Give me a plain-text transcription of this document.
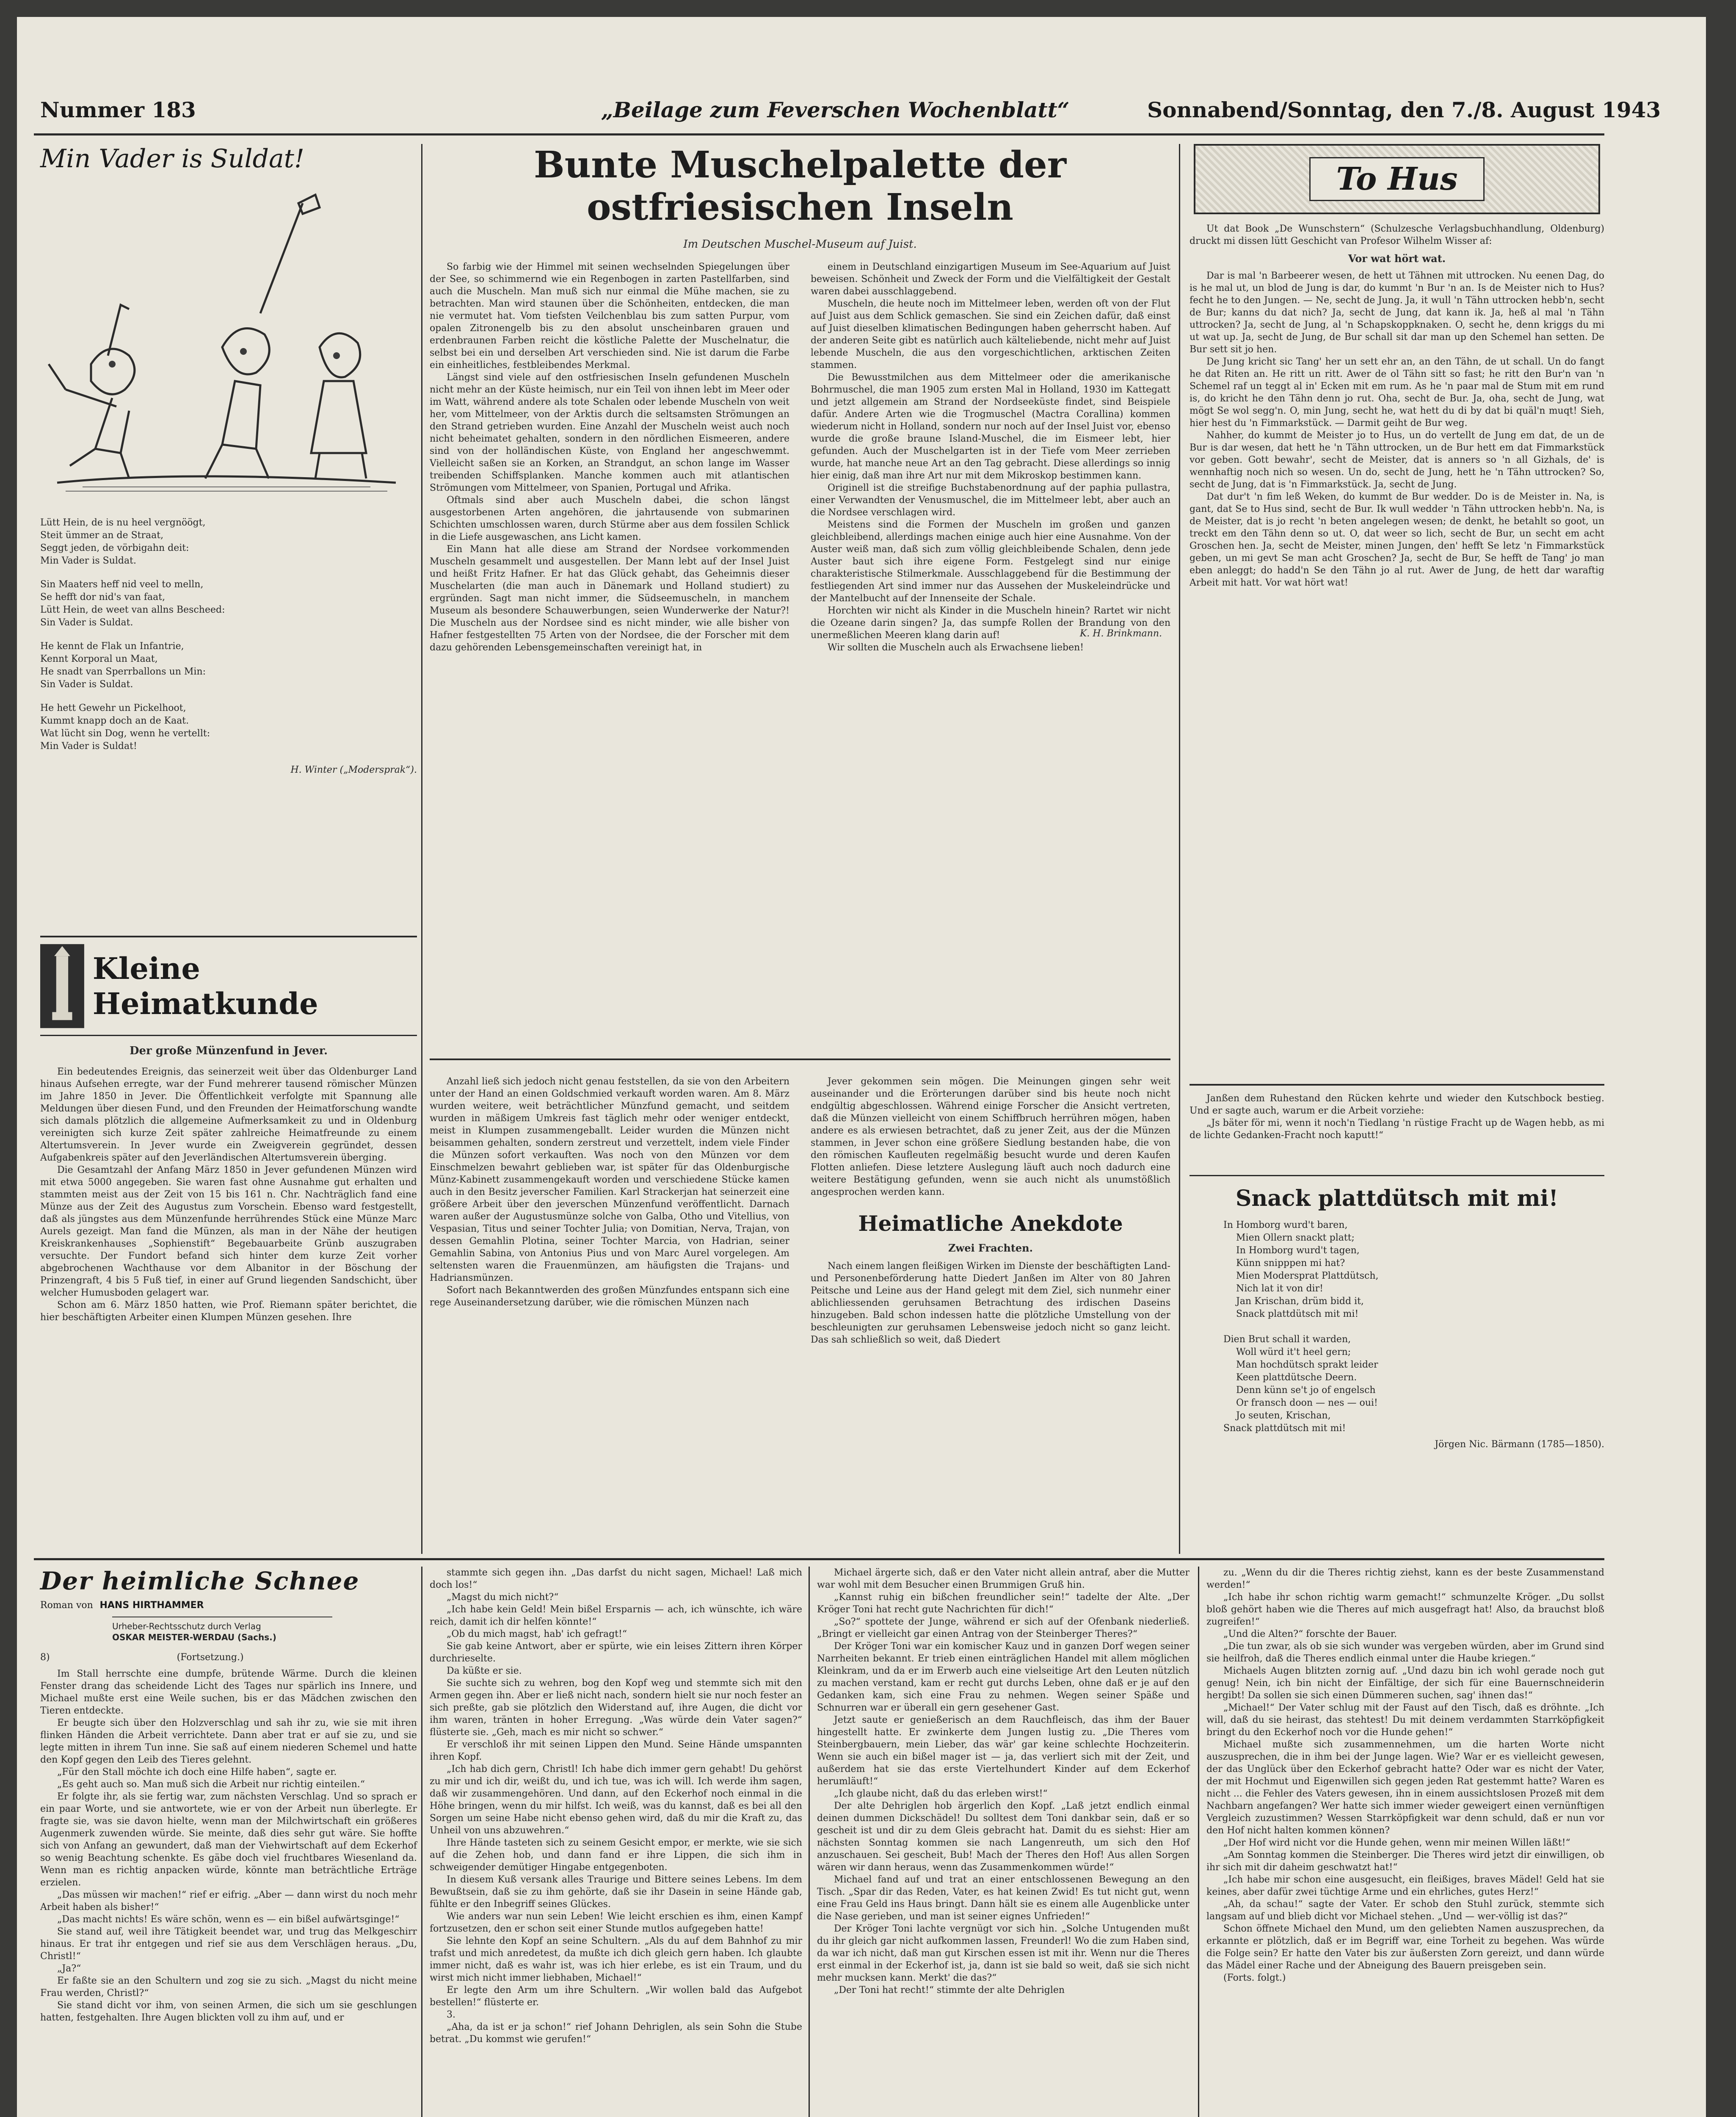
Nummer 183	„Beilage zum Feverschen Wochenblatt“	Sonnabend/Sonntag, den 7./8. August 1943
Min Vader is Suldat!
Lütt Hein, de is nu heel vergnöögt,
Steit ümmer an de Straat,
Seggt jeden, de vörbigahn deit:
Min Vader is Suldat.
Sin Maaters heff nid veel to melln,
Se hefft dor nid's van faat,
Lütt Hein, de weet van allns Bescheed:
Sin Vader is Suldat.
He kennt de Flak un Infantrie,
Kennt Korporal un Maat,
He snadt van Sperrballons un Min:
Sin Vader is Suldat.
He hett Gewehr un Pickelhoot,
Kummt knapp doch an de Kaat.
Wat lücht sin Dog, wenn he vertellt:
Min Vader is Suldat!
H. Winter („Modersprak“).
Kleine Heimatkunde
Der große Münzenfund in Jever.

Ein bedeutendes Ereignis, das seinerzeit weit über das Oldenburger Land hinaus Aufsehen erregte, war der Fund mehrerer tausend römischer Münzen im Jahre 1850 in Jever. Die Öffentlichkeit verfolgte mit Spannung alle Meldungen über diesen Fund, und den Freunden der Heimatforschung wandte sich damals plötzlich die allgemeine Aufmerksamkeit zu und in Oldenburg vereinigten sich kurze Zeit später zahlreiche Heimatfreunde zu einem Altertumsverein. In Jever wurde ein Zweigverein gegründet, dessen Aufgabenkreis später auf den Jeverländischen Altertumsverein überging.

Die Gesamtzahl der Anfang März 1850 in Jever gefundenen Münzen wird mit etwa 5000 angegeben. Sie waren fast ohne Ausnahme gut erhalten und stammten meist aus der Zeit von 15 bis 161 n. Chr. Nachträglich fand eine Münze aus der Zeit des Augustus zum Vorschein. Ebenso ward festgestellt, daß als jüngstes aus dem Münzenfunde herrührendes Stück eine Münze Marc Aurels gezeigt. Man fand die Münzen, als man in der Nähe der heutigen Kreiskrankenhauses „Sophienstift“ Begebauarbeite Grünb auszugraben versuchte. Der Fundort befand sich hinter dem kurze Zeit vorher abgebrochenen Wachthause vor dem Albanitor in der Böschung der Prinzengraft, 4 bis 5 Fuß tief, in einer auf Grund liegenden Sandschicht, über welcher Humusboden gelagert war.

Schon am 6. März 1850 hatten, wie Prof. Riemann später berichtet, die hier beschäftigten Arbeiter einen Klumpen Münzen gesehen. Ihre

Bunte Muschelpalette der ostfriesischen Inseln
Im Deutschen Muschel-Museum auf Juist.

So farbig wie der Himmel mit seinen wechselnden Spiegelungen über der See, so schimmernd wie ein Regenbogen in zarten Pastellfarben, sind auch die Muscheln. Man muß sich nur einmal die Mühe machen, sie zu betrachten. Man wird staunen über die Schönheiten, entdecken, die man nie vermutet hat. Vom tiefsten Veilchenblau bis zum satten Purpur, vom opalen Zitronengelb bis zu den absolut unscheinbaren grauen und erdenbraunen Farben reicht die köstliche Palette der Muschelnatur, die selbst bei ein und derselben Art verschieden sind. Nie ist darum die Farbe ein einheitliches, festbleibendes Merkmal.

Längst sind viele auf den ostfriesischen Inseln gefundenen Muscheln nicht mehr an der Küste heimisch, nur ein Teil von ihnen lebt im Meer oder im Watt, während andere als tote Schalen oder lebende Muscheln von weit her, vom Mittelmeer, von der Arktis durch die seltsamsten Strömungen an den Strand getrieben wurden. Eine Anzahl der Muscheln weist auch noch nicht beheimatet gehalten, sondern in den nördlichen Eismeeren, andere sind von der holländischen Küste, von England her angeschwemmt. Vielleicht saßen sie an Korken, an Strandgut, an schon lange im Wasser treibenden Schiffsplanken. Manche kommen auch mit atlantischen Strömungen vom Mittelmeer, von Spanien, Portugal und Afrika.

Oftmals sind aber auch Muscheln dabei, die schon längst ausgestorbenen Arten angehören, die jahrtausende von submarinen Schichten umschlossen waren, durch Stürme aber aus dem fossilen Schlick in die Liefe ausgewaschen, ans Licht kamen.

Ein Mann hat alle diese am Strand der Nordsee vorkommenden Muscheln gesammelt und ausgestellen. Der Mann lebt auf der Insel Juist und heißt Fritz Hafner. Er hat das Glück gehabt, das Geheimnis dieser Muschelarten (die man auch in Dänemark und Holland studiert) zu ergründen. Sagt man nicht immer, die Südseemuscheln, in manchem Museum als besondere Schauwerbungen, seien Wunderwerke der Natur?! Die Muscheln aus der Nordsee sind es nicht minder, wie alle bisher von Hafner festgestellten 75 Arten von der Nordsee, die der Forscher mit dem dazu gehörenden Lebensgemeinschaften vereinigt hat, in

einem in Deutschland einzigartigen Museum im See-Aquarium auf Juist beweisen. Schönheit und Zweck der Form und die Vielfältigkeit der Gestalt waren dabei ausschlaggebend.

Muscheln, die heute noch im Mittelmeer leben, werden oft von der Flut auf Juist aus dem Schlick gemaschen. Sie sind ein Zeichen dafür, daß einst auf Juist dieselben klimatischen Bedingungen haben geherrscht haben. Auf der anderen Seite gibt es natürlich auch kälteliebende, nicht mehr auf Juist lebende Muscheln, die aus den vorgeschichtlichen, arktischen Zeiten stammen.

Die Bewusstmilchen aus dem Mittelmeer oder die amerikanische Bohrmuschel, die man 1905 zum ersten Mal in Holland, 1930 im Kattegatt und jetzt allgemein am Strand der Nordseeküste findet, sind Beispiele dafür. Andere Arten wie die Trogmuschel (Mactra Corallina) kommen wiederum nicht in Holland, sondern nur noch auf der Insel Juist vor, ebenso wurde die große braune Island-Muschel, die im Eismeer lebt, hier gefunden. Auch der Muschelgarten ist in der Tiefe vom Meer zerrieben wurde, hat manche neue Art an den Tag gebracht. Diese allerdings so innig hier einig, daß man ihre Art nur mit dem Mikroskop bestimmen kann.

Originell ist die streifige Buchstabenordnung auf der paphia pullastra, einer Verwandten der Venusmuschel, die im Mittelmeer lebt, aber auch an die Nordsee verschlagen wird.

Meistens sind die Formen der Muscheln im großen und ganzen gleichbleibend, allerdings machen einige auch hier eine Ausnahme. Von der Auster weiß man, daß sich zum völlig gleichbleibende Schalen, denn jede Auster baut sich ihre eigene Form. Festgelegt sind nur einige charakteristische Stilmerkmale. Ausschlaggebend für die Bestimmung der festliegenden Art sind immer nur das Aussehen der Muskeleindrücke und der Mantelbucht auf der Innenseite der Schale.

Horchten wir nicht als Kinder in die Muscheln hinein? Rartet wir nicht die Ozeane darin singen? Ja, das sumpfe Rollen der Brandung von den unermeßlichen Meeren klang darin auf!

Wir sollten die Muscheln auch als Erwachsene lieben!

K. H. Brinkmann.

Anzahl ließ sich jedoch nicht genau feststellen, da sie von den Arbeitern unter der Hand an einen Goldschmied verkauft worden waren. Am 8. März wurden weitere, weit beträchtlicher Münzfund gemacht, und seitdem wurden in mäßigem Umkreis fast täglich mehr oder weniger entdeckt, meist in Klumpen zusammengeballt. Leider wurden die Münzen nicht beisammen gehalten, sondern zerstreut und verzettelt, indem viele Finder die Münzen sofort verkauften. Was noch von den Münzen vor dem Einschmelzen bewahrt geblieben war, ist später für das Oldenburgische Münz-Kabinett zusammengekauft worden und verschiedene Stücke kamen auch in den Besitz jeverscher Familien. Karl Strackerjan hat seinerzeit eine größere Arbeit über den jeverschen Münzenfund veröffentlicht. Darnach waren außer der Augustusmünze solche von Galba, Otho und Vitellius, von Vespasian, Titus und seiner Tochter Julia; von Domitian, Nerva, Trajan, von dessen Gemahlin Plotina, seiner Tochter Marcia, von Hadrian, seiner Gemahlin Sabina, von Antonius Pius und von Marc Aurel vorgelegen. Am seltensten waren die Frauenmünzen, am häufigsten die Trajans- und Hadriansmünzen.

Sofort nach Bekanntwerden des großen Münzfundes entspann sich eine rege Auseinandersetzung darüber, wie die römischen Münzen nach

Jever gekommen sein mögen. Die Meinungen gingen sehr weit auseinander und die Erörterungen darüber sind bis heute noch nicht endgültig abgeschlossen. Während einige Forscher die Ansicht vertreten, daß die Münzen vielleicht von einem Schiffbruch herrühren mögen, haben andere es als erwiesen betrachtet, daß zu jener Zeit, aus der die Münzen stammen, in Jever schon eine größere Siedlung bestanden habe, die von den römischen Kaufleuten regelmäßig besucht wurde und deren Kaufen Flotten anliefen. Diese letztere Auslegung läuft auch noch dadurch eine weitere Bestätigung gefunden, wenn sie auch nicht als unumstößlich angesprochen werden kann.

Heimatliche Anekdote
Zwei Frachten.

Nach einem langen fleißigen Wirken im Dienste der beschäftigten Land- und Personenbeförderung hatte Diedert Janßen im Alter von 80 Jahren Peitsche und Leine aus der Hand gelegt mit dem Ziel, sich nunmehr einer ablichliessenden geruhsamen Betrachtung des irdischen Daseins hinzugeben. Bald schon indessen hatte die plötzliche Umstellung von der beschleunigten zur geruhsamen Lebensweise jedoch nicht so ganz leicht. Das sah schließlich so weit, daß Diedert

To Hus

Ut dat Book „De Wunschstern“ (Schulzesche Verlagsbuchhandlung, Oldenburg) druckt mi dissen lütt Geschicht van Profesor Wilhelm Wisser af:

Vor wat hört wat.

Dar is mal 'n Barbeerer wesen, de hett ut Tähnen mit uttrocken. Nu eenen Dag, do is he mal ut, un blod de Jung is dar, do kummt 'n Bur 'n an. Is de Meister nich to Hus? fecht he to den Jungen. — Ne, secht de Jung. Ja, it wull 'n Tähn uttrocken hebb'n, secht de Bur; kanns du dat nich? Ja, secht de Jung, dat kann ik. Ja, heß al mal 'n Tähn uttrocken? Ja, secht de Jung, al 'n Schapskoppknaken. O, secht he, denn kriggs du mi ut wat up. Ja, secht de Jung, de Bur schall sit dar man up den Schemel han setten. De Bur sett sit jo hen.

De Jung kricht sic Tang' her un sett ehr an, an den Tähn, de ut schall. Un do fangt he dat Riten an. He ritt un ritt. Awer de ol Tähn sitt so fast; he ritt den Bur'n van 'n Schemel raf un teggt al in' Ecken mit em rum. As he 'n paar mal de Stum mit em rund is, do kricht he den Tähn denn jo rut. Oha, secht de Bur. Ja, oha, secht de Jung, wat mögt Se wol segg'n. O, min Jung, secht he, wat hett du di by dat bi quäl'n muqt! Sieh, hier hest du 'n Fimmarkstück. — Darmit geiht de Bur weg.

Nahher, do kummt de Meister jo to Hus, un do vertellt de Jung em dat, de un de Bur is dar wesen, dat hett he 'n Tähn uttrocken, un de Bur hett em dat Fimmarkstück vor geben. Gott bewahr', secht de Meister, dat is anners so 'n all Gizhals, de' is wennhaftig noch nich so wesen. Un do, secht de Jung, hett he 'n Tähn uttrocken? So, secht de Jung, dat is 'n Fimmarkstück. Ja, secht de Jung.

Dat dur't 'n fim leß Weken, do kummt de Bur wedder. Do is de Meister in. Na, is gant, dat Se to Hus sind, secht de Bur. Ik wull wedder 'n Tähn uttrocken hebb'n. Na, is de Meister, dat is jo recht 'n beten angelegen wesen; de denkt, he betahlt so goot, un treckt em den Tähn denn so ut. O, dat weer so lich, secht de Bur, un secht em acht Groschen hen. Ja, secht de Meister, minen Jungen, den' hefft Se letz 'n Fimmarkstück geben, un mi gevt Se man acht Groschen? Ja, secht de Bur, Se hefft de Tang' jo man eben anleggt; do hadd'n Se den Tähn jo al rut. Awer de Jung, de hett dar waraftig Arbeit mit hatt. Vor wat hört wat!

Janßen dem Ruhestand den Rücken kehrte und wieder den Kutschbock bestieg. Und er sagte auch, warum er die Arbeit vorziehe:

„Js bäter för mi, wenn it noch'n Tiedlang 'n rüstige Fracht up de Wagen hebb, as mi de lichte Gedanken-Fracht noch kaputt!“

Snack plattdütsch mit mi!
In Homborg wurd't baren,
Mien Ollern snackt platt;
In Homborg wurd't tagen,
Künn snipppen mi hat?
Mien Modersprat Plattdütsch,
Nich lat it von dir!
Jan Krischan, drüm bidd it,
Snack plattdütsch mit mi!
Dien Brut schall it warden,
Woll würd it't heel gern;
Man hochdütsch sprakt leider
Keen plattdütsche Deern.
Denn künn se't jo of engelsch
Or fransch doon — nes — oui!
Jo seuten, Krischan,
Snack plattdütsch mit mi!
Jörgen Nic. Bärmann (1785—1850).
Der heimliche Schnee
Roman von HANS HIRTHAMMER
Urheber-Rechtsschutz durch Verlag
OSKAR MEISTER-WERDAU (Sachs.)
8)	(Fortsetzung.)

Im Stall herrschte eine dumpfe, brütende Wärme. Durch die kleinen Fenster drang das scheidende Licht des Tages nur spärlich ins Innere, und Michael mußte erst eine Weile suchen, bis er das Mädchen zwischen den Tieren entdeckte.

Er beugte sich über den Holzverschlag und sah ihr zu, wie sie mit ihren flinken Händen die Arbeit verrichtete. Dann aber trat er auf sie zu, und sie legte mitten in ihrem Tun inne. Sie saß auf einem niederen Schemel und hatte den Kopf gegen den Leib des Tieres gelehnt.

„Für den Stall möchte ich doch eine Hilfe haben“, sagte er.

„Es geht auch so. Man muß sich die Arbeit nur richtig einteilen.“

Er folgte ihr, als sie fertig war, zum nächsten Verschlag. Und so sprach er ein paar Worte, und sie antwortete, wie er von der Arbeit nun überlegte. Er fragte sie, was sie davon hielte, wenn man der Milchwirtschaft ein größeres Augenmerk zuwenden würde. Sie meinte, daß dies sehr gut wäre. Sie hoffte sich von Anfang an gewundert, daß man der Viehwirtschaft auf dem Eckerhof so wenig Beachtung schenkte. Es gäbe doch viel fruchtbares Wiesenland da. Wenn man es richtig anpacken würde, könnte man beträchtliche Erträge erzielen.

„Das müssen wir machen!“ rief er eifrig. „Aber — dann wirst du noch mehr Arbeit haben als bisher!“

„Das macht nichts! Es wäre schön, wenn es — ein bißel aufwärtsginge!“

Sie stand auf, weil ihre Tätigkeit beendet war, und trug das Melkgeschirr hinaus. Er trat ihr entgegen und rief sie aus dem Verschlägen heraus. „Du, Christl!“

„Ja?“

Er faßte sie an den Schultern und zog sie zu sich. „Magst du nicht meine Frau werden, Christl?“

Sie stand dicht vor ihm, von seinen Armen, die sich um sie geschlungen hatten, festgehalten. Ihre Augen blickten voll zu ihm auf, und er

stammte sich gegen ihn. „Das darfst du nicht sagen, Michael! Laß mich doch los!“

„Magst du mich nicht?“

„Ich habe kein Geld! Mein bißel Ersparnis — ach, ich wünschte, ich wäre reich, damit ich dir helfen könnte!“

„Ob du mich magst, hab' ich gefragt!“

Sie gab keine Antwort, aber er spürte, wie ein leises Zittern ihren Körper durchrieselte.

Da küßte er sie.

Sie suchte sich zu wehren, bog den Kopf weg und stemmte sich mit den Armen gegen ihn. Aber er ließ nicht nach, sondern hielt sie nur noch fester an sich preßte, gab sie plötzlich den Widerstand auf, ihre Augen, die dicht vor ihm waren, tränten in hoher Erregung. „Was würde dein Vater sagen?“ flüsterte sie. „Geh, mach es mir nicht so schwer.“

Er verschloß ihr mit seinen Lippen den Mund. Seine Hände umspannten ihren Kopf.

„Ich hab dich gern, Christl! Ich habe dich immer gern gehabt! Du gehörst zu mir und ich dir, weißt du, und ich tue, was ich will. Ich werde ihm sagen, daß wir zusammengehören. Und dann, auf den Eckerhof noch einmal in die Höhe bringen, wenn du mir hilfst. Ich weiß, was du kannst, daß es bei all den Sorgen um seine Habe nicht ebenso gehen wird, daß du mir die Kraft zu, das Unheil von uns abzuwehren.“

Ihre Hände tasteten sich zu seinem Gesicht empor, er merkte, wie sie sich auf die Zehen hob, und dann fand er ihre Lippen, die sich ihm in schweigender demütiger Hingabe entgegenboten.

In diesem Kuß versank alles Traurige und Bittere seines Lebens. Im dem Bewußtsein, daß sie zu ihm gehörte, daß sie ihr Dasein in seine Hände gab, fühlte er den Inbegriff seines Glückes.

Wie anders war nun sein Leben! Wie leicht erschien es ihm, einen Kampf fortzusetzen, den er schon seit einer Stunde mutlos aufgegeben hatte!

Sie lehnte den Kopf an seine Schultern. „Als du auf dem Bahnhof zu mir trafst und mich anredetest, da mußte ich dich gleich gern haben. Ich glaubte immer nicht, daß es wahr ist, was ich hier erlebe, es ist ein Traum, und du wirst mich nicht immer liebhaben, Michael!“

Er legte den Arm um ihre Schultern. „Wir wollen bald das Aufgebot bestellen!“ flüsterte er.

3.

„Aha, da ist er ja schon!“ rief Johann Dehriglen, als sein Sohn die Stube betrat. „Du kommst wie gerufen!“

Michael ärgerte sich, daß er den Vater nicht allein antraf, aber die Mutter war wohl mit dem Besucher einen Brummigen Gruß hin.

„Kannst ruhig ein bißchen freundlicher sein!“ tadelte der Alte. „Der Kröger Toni hat recht gute Nachrichten für dich!“

„So?“ spottete der Junge, während er sich auf der Ofenbank niederließ. „Bringt er vielleicht gar einen Antrag von der Steinberger Theres?“

Der Kröger Toni war ein komischer Kauz und in ganzen Dorf wegen seiner Narrheiten bekannt. Er trieb einen einträglichen Handel mit allem möglichen Kleinkram, und da er im Erwerb auch eine vielseitige Art den Leuten nützlich zu machen verstand, kam er recht gut durchs Leben, ohne daß er je auf den Gedanken kam, sich eine Frau zu nehmen. Wegen seiner Späße und Schnurren war er überall ein gern gesehener Gast.

Jetzt saute er genießerisch an dem Rauchfleisch, das ihm der Bauer hingestellt hatte. Er zwinkerte dem Jungen lustig zu. „Die Theres vom Steinbergbauern, mein Lieber, das wär' gar keine schlechte Hochzeiterin. Wenn sie auch ein bißel mager ist — ja, das verliert sich mit der Zeit, und außerdem hat sie das erste Viertelhundert Kinder auf dem Eckerhof herumläuft!“

„Ich glaube nicht, daß du das erleben wirst!“

Der alte Dehriglen hob ärgerlich den Kopf. „Laß jetzt endlich einmal deinen dummen Dickschädel! Du solltest dem Toni dankbar sein, daß er so gescheit ist und dir zu dem Gleis gebracht hat. Damit du es siehst: Hier am nächsten Sonntag kommen sie nach Langenreuth, um sich den Hof anzuschauen. Sei gescheit, Bub! Mach der Theres den Hof! Aus allen Sorgen wären wir dann heraus, wenn das Zusammenkommen würde!“

Michael fand auf und trat an einer entschlossenen Bewegung an den Tisch. „Spar dir das Reden, Vater, es hat keinen Zwid! Es tut nicht gut, wenn eine Frau Geld ins Haus bringt. Dann hält sie es einem alle Augenblicke unter die Nase gerieben, und man ist seiner eignes Unfrieden!“

Der Kröger Toni lachte vergnügt vor sich hin. „Solche Untugenden mußt du ihr gleich gar nicht aufkommen lassen, Freunderl! Wo die zum Haben sind, da war ich nicht, daß man gut Kirschen essen ist mit ihr. Wenn nur die Theres erst einmal in der Eckerhof ist, ja, dann ist sie bald so weit, daß sie sich nicht mehr mucksen kann. Merkt' die das?“

„Der Toni hat recht!“ stimmte der alte Dehriglen

zu. „Wenn du dir die Theres richtig ziehst, kann es der beste Zusammenstand werden!“

„Ich habe ihr schon richtig warm gemacht!“ schmunzelte Kröger. „Du sollst bloß gehört haben wie die Theres auf mich ausgefragt hat! Also, da brauchst bloß zugreifen!“

„Und die Alten?“ forschte der Bauer.

„Die tun zwar, als ob sie sich wunder was vergeben würden, aber im Grund sind sie heilfroh, daß die Theres endlich einmal unter die Haube kriegen.“

Michaels Augen blitzten zornig auf. „Und dazu bin ich wohl gerade noch gut genug! Nein, ich bin nicht der Einfältige, der sich für eine Bauernschneiderin hergibt! Da sollen sie sich einen Dümmeren suchen, sag' ihnen das!“

„Michael!“ Der Vater schlug mit der Faust auf den Tisch, daß es dröhnte. „Ich will, daß du sie heirast, das stehtest! Du mit deinem verdammten Starrköpfigkeit bringt du den Eckerhof noch vor die Hunde gehen!“

Michael mußte sich zusammennehmen, um die harten Worte nicht auszusprechen, die in ihm bei der Junge lagen. Wie? War er es vielleicht gewesen, der das Unglück über den Eckerhof gebracht hatte? Oder war es nicht der Vater, der mit Hochmut und Eigenwillen sich gegen jeden Rat gestemmt hatte? Waren es nicht ... die Fehler des Vaters gewesen, ihn in einem aussichtslosen Prozeß mit dem Nachbarn angefangen? Wer hatte sich immer wieder geweigert einen vernünftigen Vergleich zuzustimmen? Wessen Starrköpfigkeit war denn schuld, daß er nun vor den Hof nicht halten kommen können?

„Der Hof wird nicht vor die Hunde gehen, wenn mir meinen Willen läßt!“

„Am Sonntag kommen die Steinberger. Die Theres wird jetzt dir einwilligen, ob ihr sich mit dir daheim geschwatzt hat!“

„Ich habe mir schon eine ausgesucht, ein fleißiges, braves Mädel! Geld hat sie keines, aber dafür zwei tüchtige Arme und ein ehrliches, gutes Herz!“

„Ah, da schau!“ sagte der Vater. Er schob den Stuhl zurück, stemmte sich langsam auf und blieb dicht vor Michael stehen. „Und — wer-völlig ist das?“

Schon öffnete Michael den Mund, um den geliebten Namen auszusprechen, da erkannte er plötzlich, daß er im Begriff war, eine Torheit zu begehen. Was würde die Folge sein? Er hatte den Vater bis zur äußersten Zorn gereizt, und dann würde das Mädel einer Rache und der Abneigung des Bauern preisgeben sein.

(Forts. folgt.)
